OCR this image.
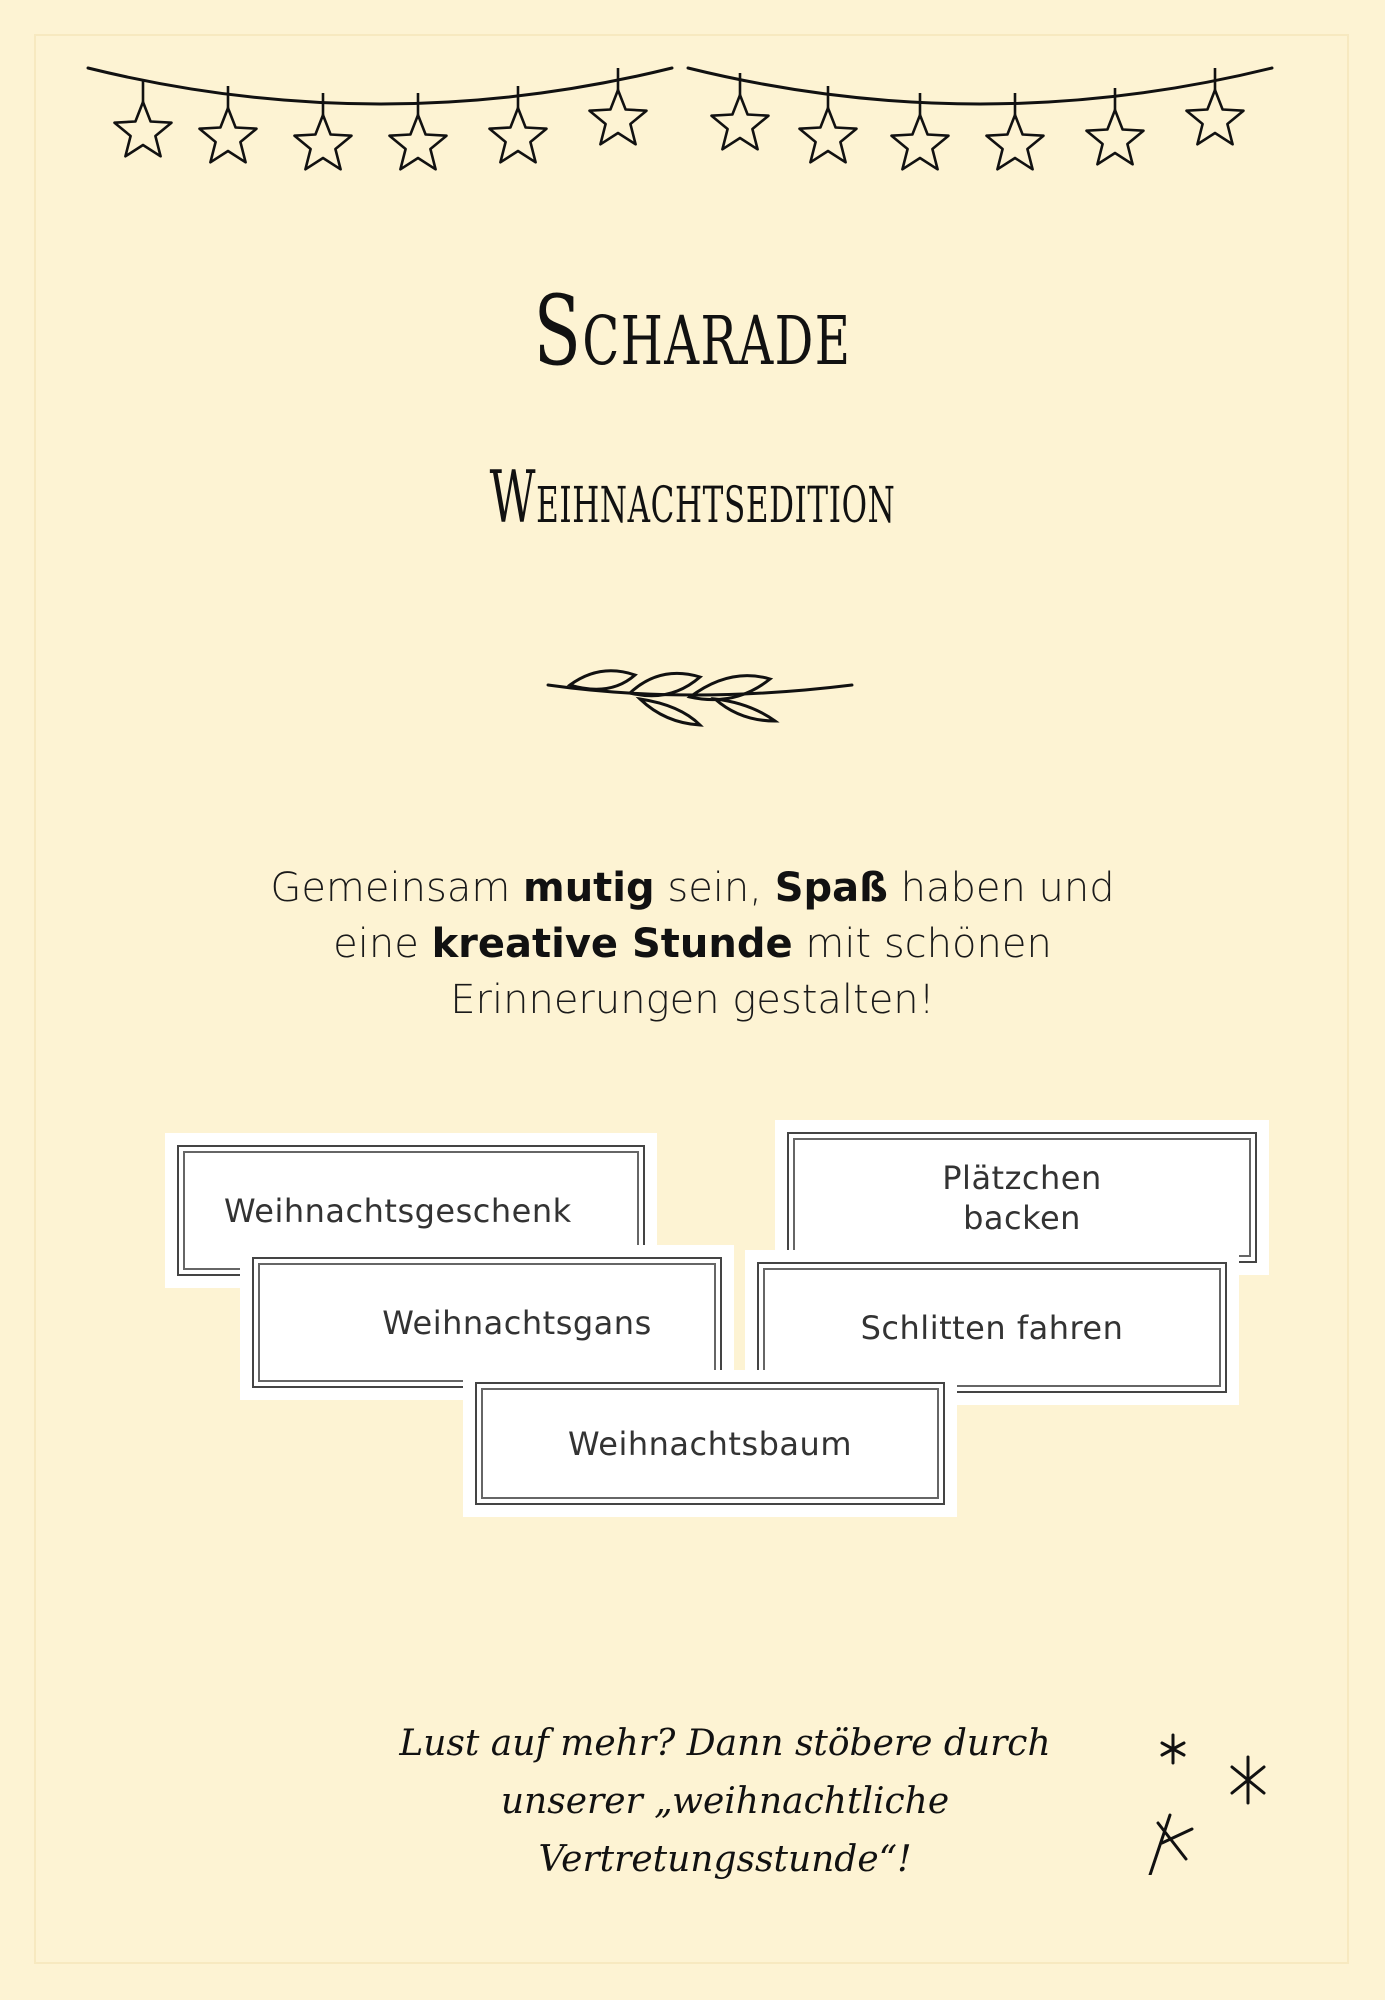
Scharade
Weihnachtsedition
Gemeinsam mutig sein, Spaß haben und
eine kreative Stunde mit schönen
Erinnerungen gestalten!
Weihnachtsgeschenk
Plätzchen backen
Weihnachtsgans	Schlitten fahren
Weihnachtsbaum
Lust auf mehr? Dann stöbere durch
unserer „weihnachtliche
Vertretungsstunde“!
